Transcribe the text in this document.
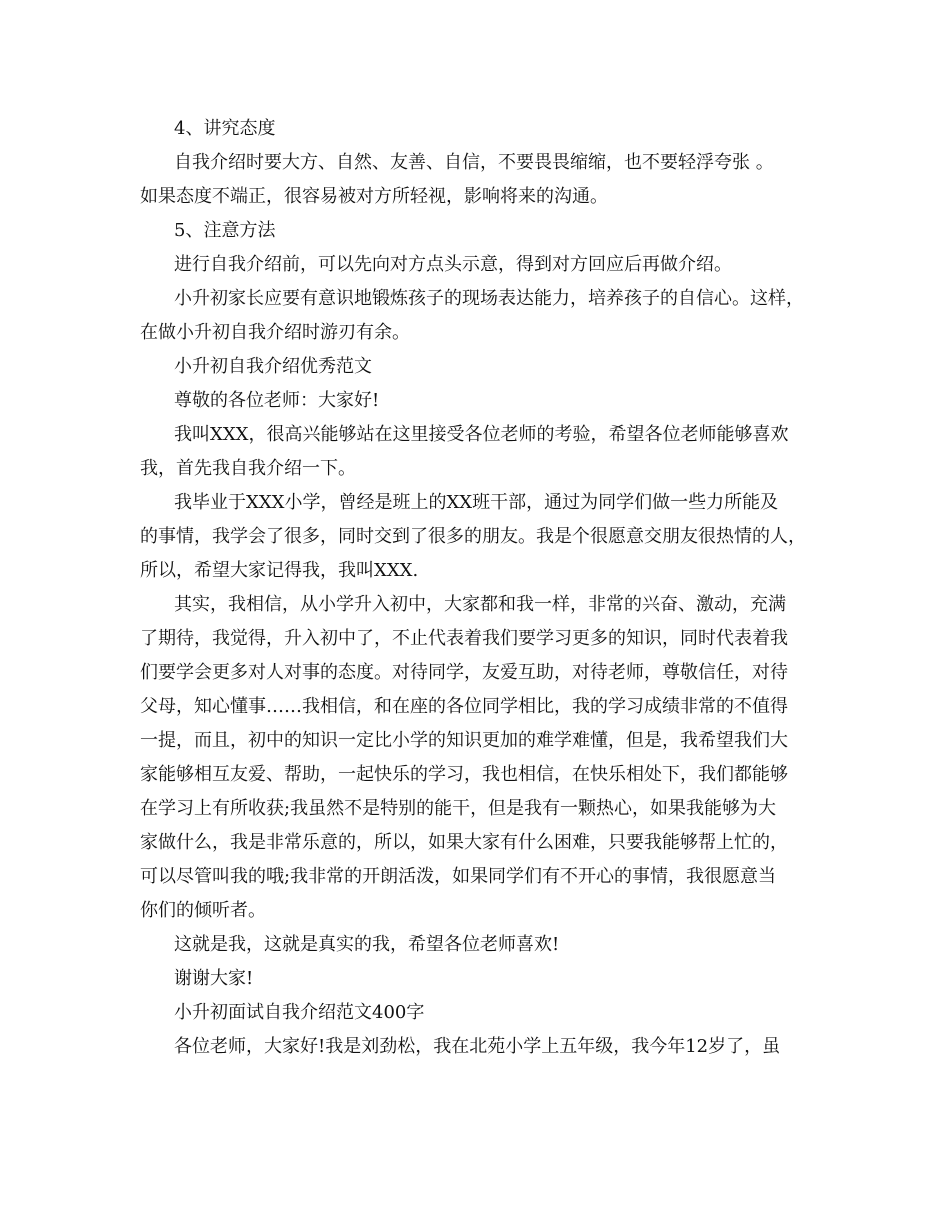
4、讲究态度
自我介绍时要大方、自然、友善、自信，不要畏畏缩缩，也不要轻浮夸张 。
如果态度不端正，很容易被对方所轻视，影响将来的沟通。
5、注意方法
进行自我介绍前，可以先向对方点头示意，得到对方回应后再做介绍。
小升初家长应要有意识地锻炼孩子的现场表达能力，培养孩子的自信心。这样，
在做小升初自我介绍时游刃有余。
小升初自我介绍优秀范文
尊敬的各位老师：大家好!
我叫XXX，很高兴能够站在这里接受各位老师的考验，希望各位老师能够喜欢
我，首先我自我介绍一下。
我毕业于XXX小学，曾经是班上的XX班干部，通过为同学们做一些力所能及
的事情，我学会了很多，同时交到了很多的朋友。我是个很愿意交朋友很热情的人，
所以，希望大家记得我，我叫XXX.
其实，我相信，从小学升入初中，大家都和我一样，非常的兴奋、激动，充满
了期待，我觉得，升入初中了，不止代表着我们要学习更多的知识，同时代表着我
们要学会更多对人对事的态度。对待同学，友爱互助，对待老师，尊敬信任，对待
父母，知心懂事……我相信，和在座的各位同学相比，我的学习成绩非常的不值得
一提，而且，初中的知识一定比小学的知识更加的难学难懂，但是，我希望我们大
家能够相互友爱、帮助，一起快乐的学习，我也相信，在快乐相处下，我们都能够
在学习上有所收获;我虽然不是特别的能干，但是我有一颗热心，如果我能够为大
家做什么，我是非常乐意的，所以，如果大家有什么困难，只要我能够帮上忙的，
可以尽管叫我的哦;我非常的开朗活泼，如果同学们有不开心的事情，我很愿意当
你们的倾听者。
这就是我，这就是真实的我，希望各位老师喜欢!
谢谢大家!
小升初面试自我介绍范文400字
各位老师，大家好!我是刘劲松，我在北苑小学上五年级，我今年12岁了，虽
